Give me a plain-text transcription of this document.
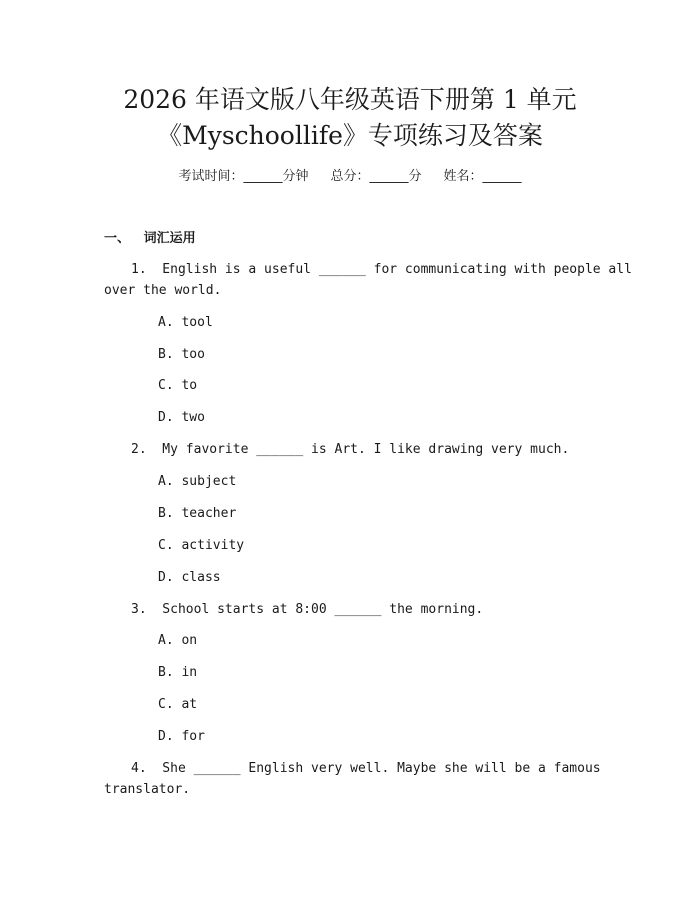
2026 年语文版八年级英语下册第 1 单元
《Myschoollife》专项练习及答案
考试时间：______分钟 总分：______分 姓名：______
一、   词汇运用
1.  English is a useful ______ for communicating with people all
over the world.
A. tool
B. too
C. to
D. two
2.  My favorite ______ is Art. I like drawing very much.
A. subject
B. teacher
C. activity
D. class
3.  School starts at 8:00 ______ the morning.
A. on
B. in
C. at
D. for
4.  She ______ English very well. Maybe she will be a famous
translator.
